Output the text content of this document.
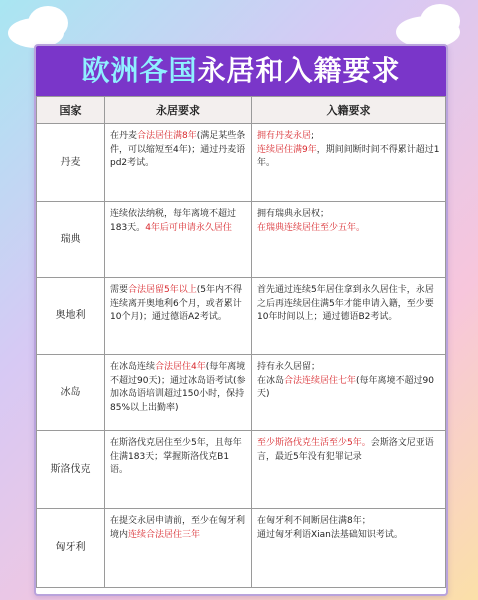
欧洲各国永居和入籍要求
国家	永居要求	入籍要求
丹麦	在丹麦合法居住满8年(满足某些条件，可以缩短至4年)；通过丹麦语pd2考试。	拥有丹麦永居;
连续居住满9年，期间间断时间不得累计超过1年。
瑞典	连续依法纳税，每年离境不超过183天。4年后可申请永久居住	拥有瑞典永居权；
在瑞典连续居住至少五年。
奥地利	需要合法居留5年以上(5年内不得连续离开奥地利6个月，或者累计10个月)；通过德语A2考试。	首先通过连续5年居住拿到永久居住卡，永居之后再连续居住满5年才能申请入籍，至少要10年时间以上；通过德语B2考试。
冰岛	在冰岛连续合法居住4年(每年离境不超过90天)；通过冰岛语考试(参加冰岛语培训超过150小时，保持85%以上出勤率)	持有永久居留；
在冰岛合法连续居住七年(每年离境不超过90天)
斯洛伐克	在斯洛伐克居住至少5年，且每年住满183天；掌握斯洛伐克B1语。	至少斯洛伐克生活至少5年。会斯洛文尼亚语言，最近5年没有犯罪记录
匈牙利	在提交永居申请前，至少在匈牙利境内连续合法居住三年	在匈牙利不间断居住满8年；
通过匈牙利语Xian法基础知识考试。
